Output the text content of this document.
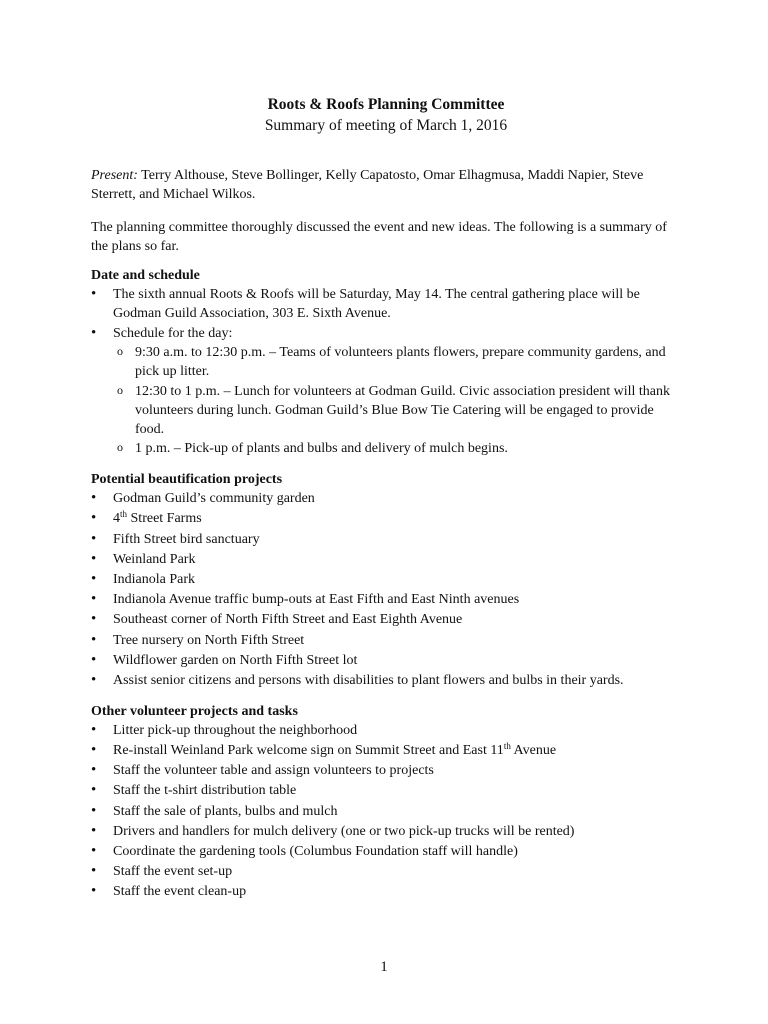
Roots & Roofs Planning Committee
Summary of meeting of March 1, 2016

Present: Terry Althouse, Steve Bollinger, Kelly Capatosto, Omar Elhagmusa, Maddi Napier, Steve Sterrett, and Michael Wilkos.

The planning committee thoroughly discussed the event and new ideas. The following is a summary of the plans so far.

Date and schedule
• The sixth annual Roots & Roofs will be Saturday, May 14. The central gathering place will be Godman Guild Association, 303 E. Sixth Avenue.
• Schedule for the day:
o 9:30 a.m. to 12:30 p.m. – Teams of volunteers plants flowers, prepare community gardens, and pick up litter.
o 12:30 to 1 p.m. – Lunch for volunteers at Godman Guild. Civic association president will thank volunteers during lunch. Godman Guild’s Blue Bow Tie Catering will be engaged to provide food.
o 1 p.m. – Pick-up of plants and bulbs and delivery of mulch begins.
Potential beautification projects
• Godman Guild’s community garden
• 4th Street Farms
• Fifth Street bird sanctuary
• Weinland Park
• Indianola Park
• Indianola Avenue traffic bump-outs at East Fifth and East Ninth avenues
• Southeast corner of North Fifth Street and East Eighth Avenue
• Tree nursery on North Fifth Street
• Wildflower garden on North Fifth Street lot
• Assist senior citizens and persons with disabilities to plant flowers and bulbs in their yards.
Other volunteer projects and tasks
• Litter pick-up throughout the neighborhood
• Re-install Weinland Park welcome sign on Summit Street and East 11th Avenue
• Staff the volunteer table and assign volunteers to projects
• Staff the t-shirt distribution table
• Staff the sale of plants, bulbs and mulch
• Drivers and handlers for mulch delivery (one or two pick-up trucks will be rented)
• Coordinate the gardening tools (Columbus Foundation staff will handle)
• Staff the event set-up
• Staff the event clean-up
1
